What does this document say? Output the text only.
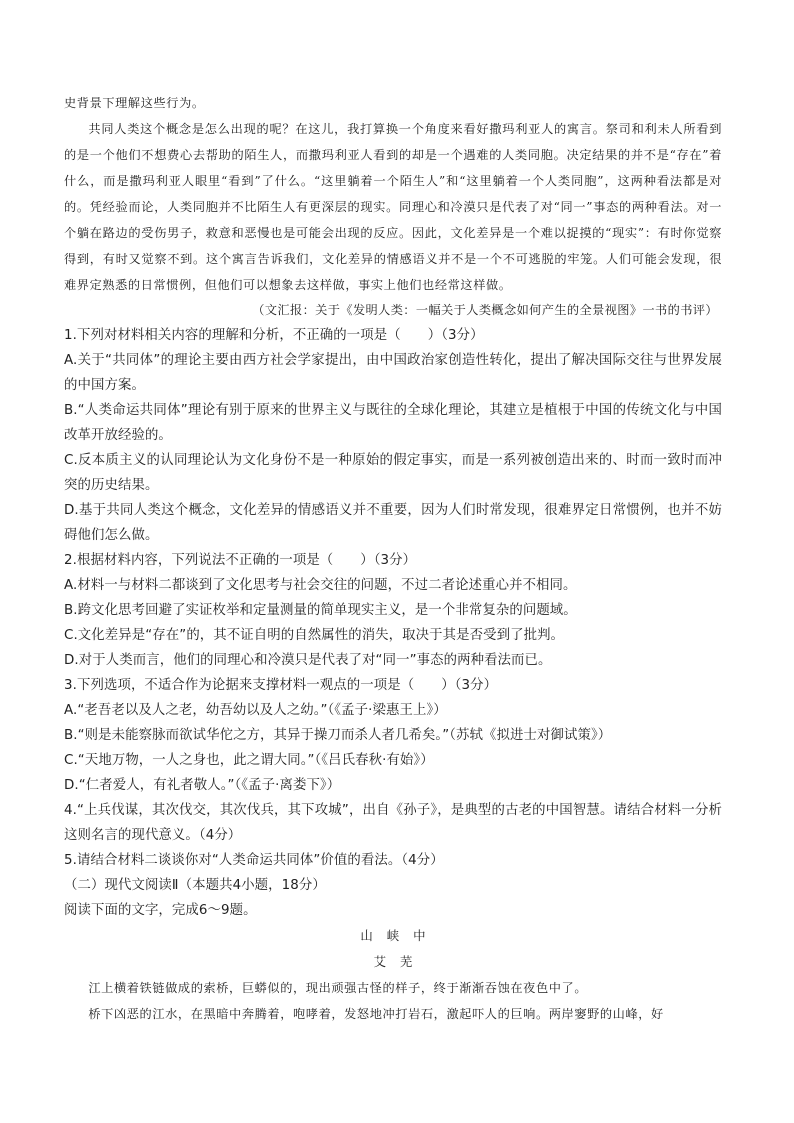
史背景下理解这些行为。

共同人类这个概念是怎么出现的呢？在这儿，我打算换一个角度来看好撒玛利亚人的寓言。祭司和利未人所看到的是一个他们不想费心去帮助的陌生人，而撒玛利亚人看到的却是一个遇难的人类同胞。决定结果的并不是“存在”着什么，而是撒玛利亚人眼里“看到”了什么。“这里躺着一个陌生人”和“这里躺着一个人类同胞”，这两种看法都是对的。凭经验而论，人类同胞并不比陌生人有更深层的现实。同理心和冷漠只是代表了对“同一”事态的两种看法。对一个躺在路边的受伤男子，救意和恶慢也是可能会出现的反应。因此，文化差异是一个难以捉摸的“现实”：有时你觉察得到，有时又觉察不到。这个寓言告诉我们，文化差异的情感语义并不是一个不可逃脱的牢笼。人们可能会发现，很难界定熟悉的日常惯例，但他们可以想象去这样做，事实上他们也经常这样做。

（文汇报：关于《发明人类：一幅关于人类概念如何产生的全景视图》一书的书评）

1.下列对材料相关内容的理解和分析，不正确的一项是（　　）（3分）

A.关于“共同体”的理论主要由西方社会学家提出，由中国政治家创造性转化，提出了解决国际交往与世界发展的中国方案。

B.“人类命运共同体”理论有别于原来的世界主义与既往的全球化理论，其建立是植根于中国的传统文化与中国改革开放经验的。

C.反本质主义的认同理论认为文化身份不是一种原始的假定事实，而是一系列被创造出来的、时而一致时而冲突的历史结果。

D.基于共同人类这个概念，文化差异的情感语义并不重要，因为人们时常发现，很难界定日常惯例，也并不妨碍他们怎么做。

2.根据材料内容，下列说法不正确的一项是（　　）（3分）

A.材料一与材料二都谈到了文化思考与社会交往的问题，不过二者论述重心并不相同。

B.跨文化思考回避了实证枚举和定量测量的简单现实主义，是一个非常复杂的问题域。

C.文化差异是“存在”的，其不证自明的自然属性的消失，取决于其是否受到了批判。

D.对于人类而言，他们的同理心和冷漠只是代表了对“同一”事态的两种看法而已。

3.下列选项，不适合作为论据来支撑材料一观点的一项是（　　）（3分）

A.“老吾老以及人之老，幼吾幼以及人之幼。”（《孟子·梁惠王上》）

B.“则是未能察脉而欲试华佗之方，其异于操刀而杀人者几希矣。”（苏轼《拟进士对御试策》）

C.“天地万物，一人之身也，此之谓大同。”（《吕氏春秋·有始》）

D.“仁者爱人，有礼者敬人。”（《孟子·离娄下》）

4.“上兵伐谋，其次伐交，其次伐兵，其下攻城”，出自《孙子》，是典型的古老的中国智慧。请结合材料一分析这则名言的现代意义。（4分）

5.请结合材料二谈谈你对“人类命运共同体”价值的看法。（4分）

（二）现代文阅读Ⅱ（本题共4小题，18分）

阅读下面的文字，完成6～9题。

山峡中

艾芜

江上横着铁链做成的索桥，巨蟒似的，现出顽强古怪的样子，终于渐渐吞蚀在夜色中了。

桥下凶恶的江水，在黑暗中奔腾着，咆哮着，发怒地冲打岩石，激起吓人的巨响。两岸窭野的山峰，好
